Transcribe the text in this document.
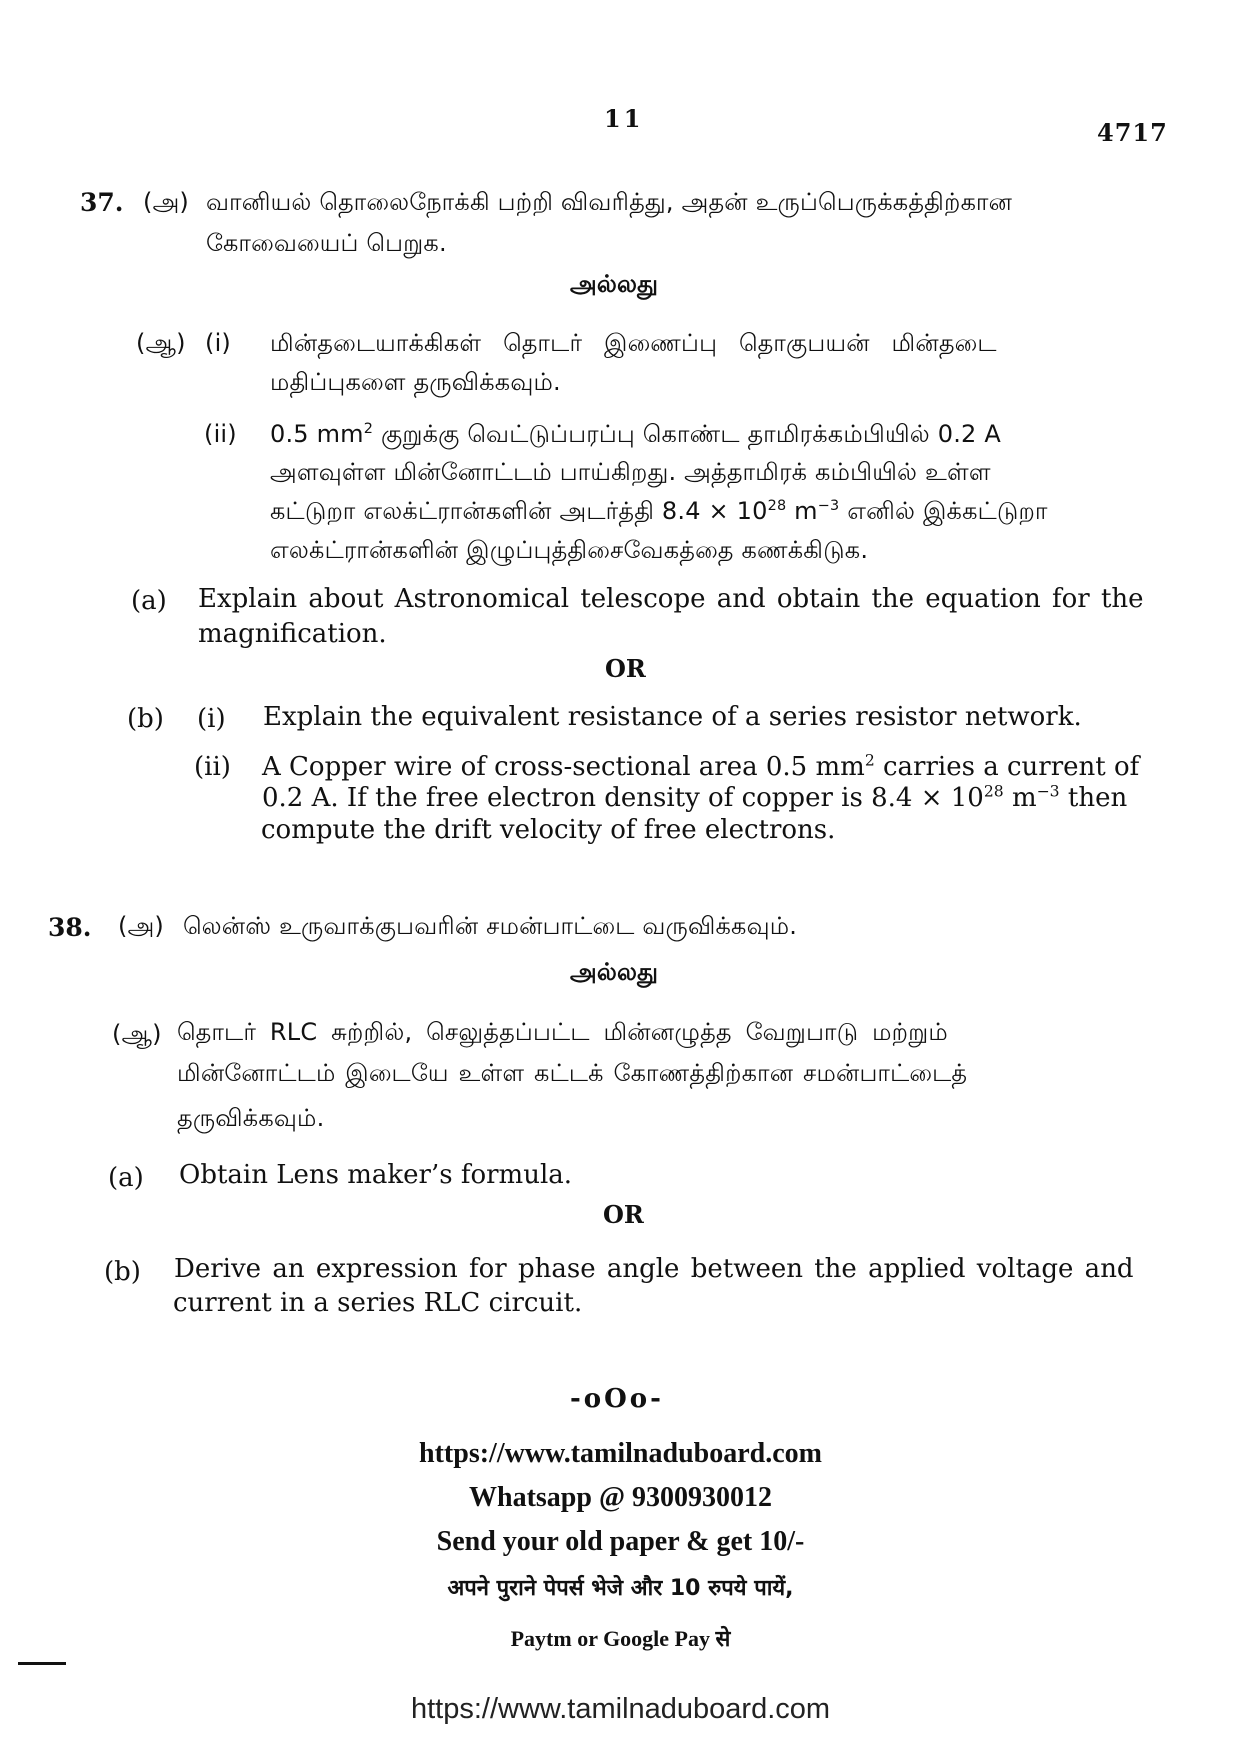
11	4717
37. (அ) வானியல் தொலைநோக்கி பற்றி விவரித்து, அதன் உருப்பெருக்கத்திற்கான
கோவையைப் பெறுக.
அல்லது
(ஆ) (i) மின்தடையாக்கிகள் தொடர் இணைப்பு தொகுபயன் மின்தடை
மதிப்புகளை தருவிக்கவும்.
(ii) 0.5 $mm^2$ குறுக்கு வெட்டுப்பரப்பு கொண்ட தாமிரக்கம்பியில் 0.2 A
அளவுள்ள மின்னோட்டம் பாய்கிறது. அத்தாமிரக் கம்பியில் உள்ள
கட்டுறா எலக்ட்ரான்களின் அடர்த்தி $8.4 \times 10^{28}$ $m^{-3}$ எனில் இக்கட்டுறா
எலக்ட்ரான்களின் இழுப்புத்திசைவேகத்தை கணக்கிடுக.
(a) Explain about Astronomical telescope and obtain the equation for the
magnification.
OR
(b) (i) Explain the equivalent resistance of a series resistor network.
(ii) A Copper wire of cross-sectional area 0.5 $mm^2$ carries a current of
0.2 A. If the free electron density of copper is $8.4 \times 10^{28}$ $m^{-3}$ then
compute the drift velocity of free electrons.
38. (அ) லென்ஸ் உருவாக்குபவரின் சமன்பாட்டை வருவிக்கவும்.
அல்லது
(ஆ) தொடர் RLC சுற்றில், செலுத்தப்பட்ட மின்னழுத்த வேறுபாடு மற்றும்
மின்னோட்டம் இடையே உள்ள கட்டக் கோணத்திற்கான சமன்பாட்டைத்
தருவிக்கவும்.
(a) Obtain Lens maker’s formula.
OR
(b) Derive an expression for phase angle between the applied voltage and
current in a series RLC circuit.
-oOo-
https://www.tamilnaduboard.com
Whatsapp @ 9300930012
Send your old paper & get 10/-
अपने पुराने पेपर्स भेजे और 10 रुपये पायें,
Paytm or Google Pay से
https://www.tamilnaduboard.com
